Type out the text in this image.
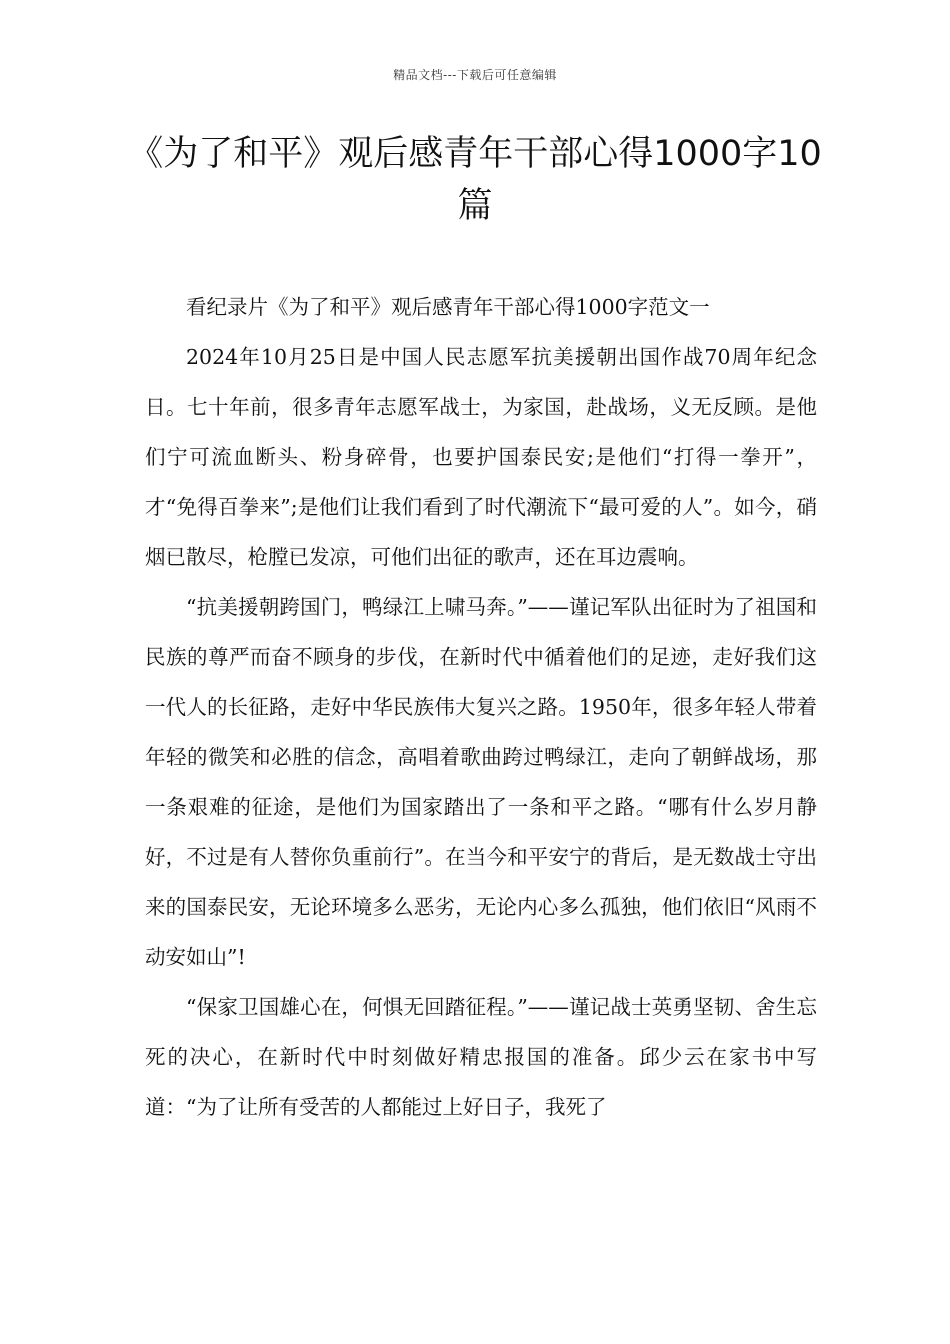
精品文档---下载后可任意编辑
《为了和平》观后感青年干部心得1000字10篇

看纪录片《为了和平》观后感青年干部心得1000字范文一

2024年10月25日是中国人民志愿军抗美援朝出国作战70周年纪念日。七十年前，很多青年志愿军战士，为家国，赴战场，义无反顾。是他们宁可流血断头、粉身碎骨，也要护国泰民安;是他们“打得一拳开”，才“免得百拳来”;是他们让我们看到了时代潮流下“最可爱的人”。如今，硝烟已散尽，枪膛已发凉，可他们出征的歌声，还在耳边震响。

“抗美援朝跨国门，鸭绿江上啸马奔。”——谨记军队出征时为了祖国和民族的尊严而奋不顾身的步伐，在新时代中循着他们的足迹，走好我们这一代人的长征路，走好中华民族伟大复兴之路。1950年，很多年轻人带着年轻的微笑和必胜的信念，高唱着歌曲跨过鸭绿江，走向了朝鲜战场，那一条艰难的征途，是他们为国家踏出了一条和平之路。“哪有什么岁月静好，不过是有人替你负重前行”。在当今和平安宁的背后，是无数战士守出来的国泰民安，无论环境多么恶劣，无论内心多么孤独，他们依旧“风雨不动安如山”!

“保家卫国雄心在，何惧无回踏征程。”——谨记战士英勇坚韧、舍生忘死的决心，在新时代中时刻做好精忠报国的准备。邱少云在家书中写道：“为了让所有受苦的人都能过上好日子，我死了
